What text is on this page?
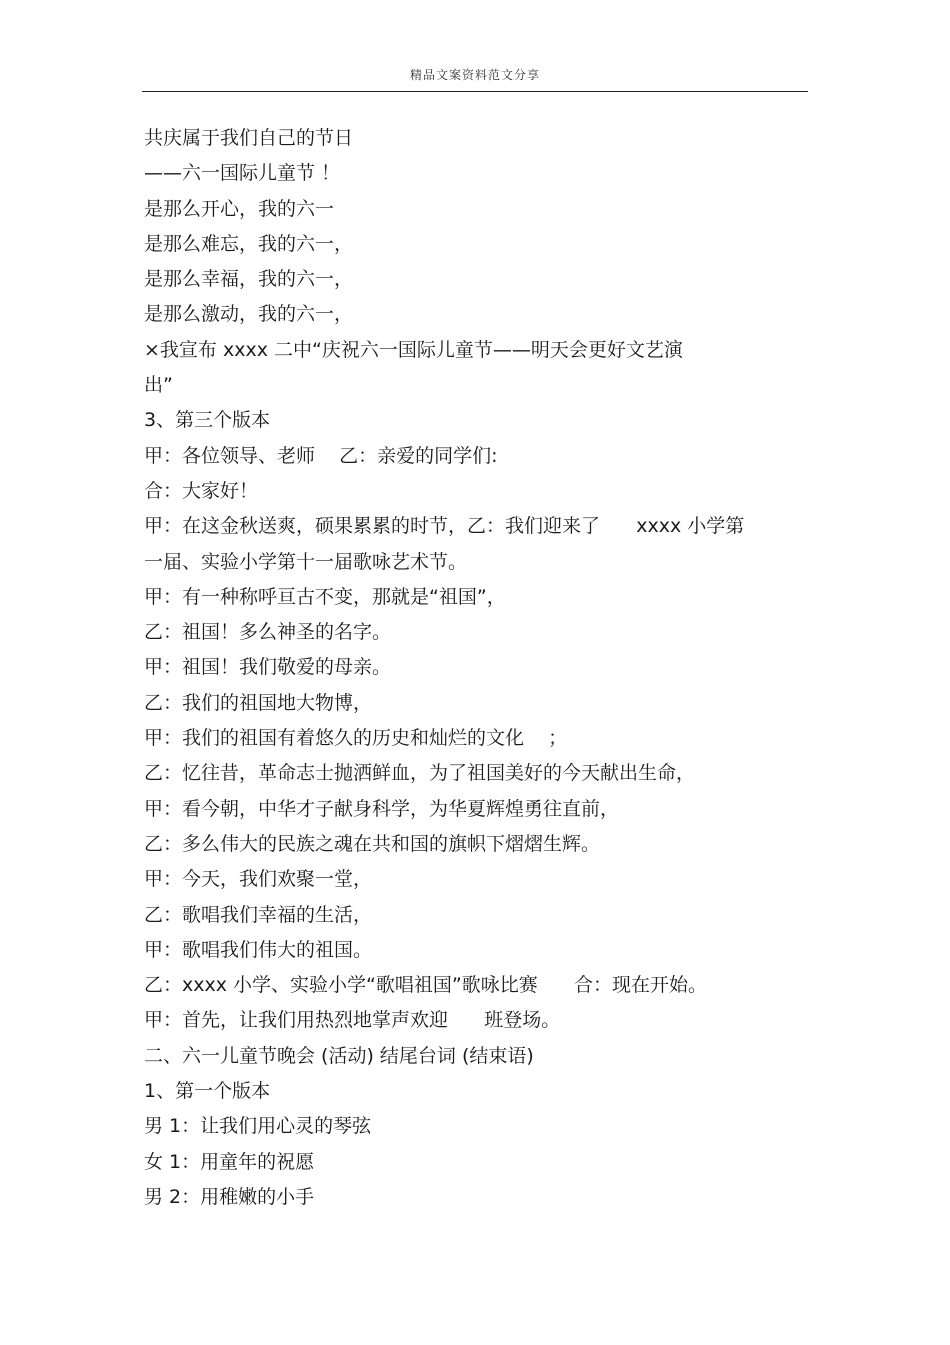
精品文案资料范文分享
共庆属于我们自己的节日
——六一国际儿童节 ！
是那么开心，我的六一
是那么难忘，我的六一，
是那么幸福，我的六一，
是那么激动，我的六一，
×我宣布 xxxx 二中“庆祝六一国际儿童节——明天会更好文艺演
出”
3、第三个版本
甲：各位领导、老师    乙：亲爱的同学们:
合：大家好！
甲：在这金秋送爽，硕果累累的时节，乙：我们迎来了      xxxx 小学第
一届、实验小学第十一届歌咏艺术节。
甲：有一种称呼亘古不变，那就是“祖国”，
乙：祖国！多么神圣的名字。
甲：祖国！我们敬爱的母亲。
乙：我们的祖国地大物博，
甲：我们的祖国有着悠久的历史和灿烂的文化    ；
乙：忆往昔，革命志士抛洒鲜血，为了祖国美好的今天献出生命，
甲：看今朝，中华才子献身科学，为华夏辉煌勇往直前，
乙：多么伟大的民族之魂在共和国的旗帜下熠熠生辉。
甲：今天，我们欢聚一堂，
乙：歌唱我们幸福的生活，
甲：歌唱我们伟大的祖国。
乙：xxxx 小学、实验小学“歌唱祖国”歌咏比赛      合：现在开始。
甲：首先，让我们用热烈地掌声欢迎      班登场。
二、六一儿童节晚会 (活动) 结尾台词 (结束语)
1、第一个版本
男 1：让我们用心灵的琴弦
女 1：用童年的祝愿
男 2：用稚嫩的小手
